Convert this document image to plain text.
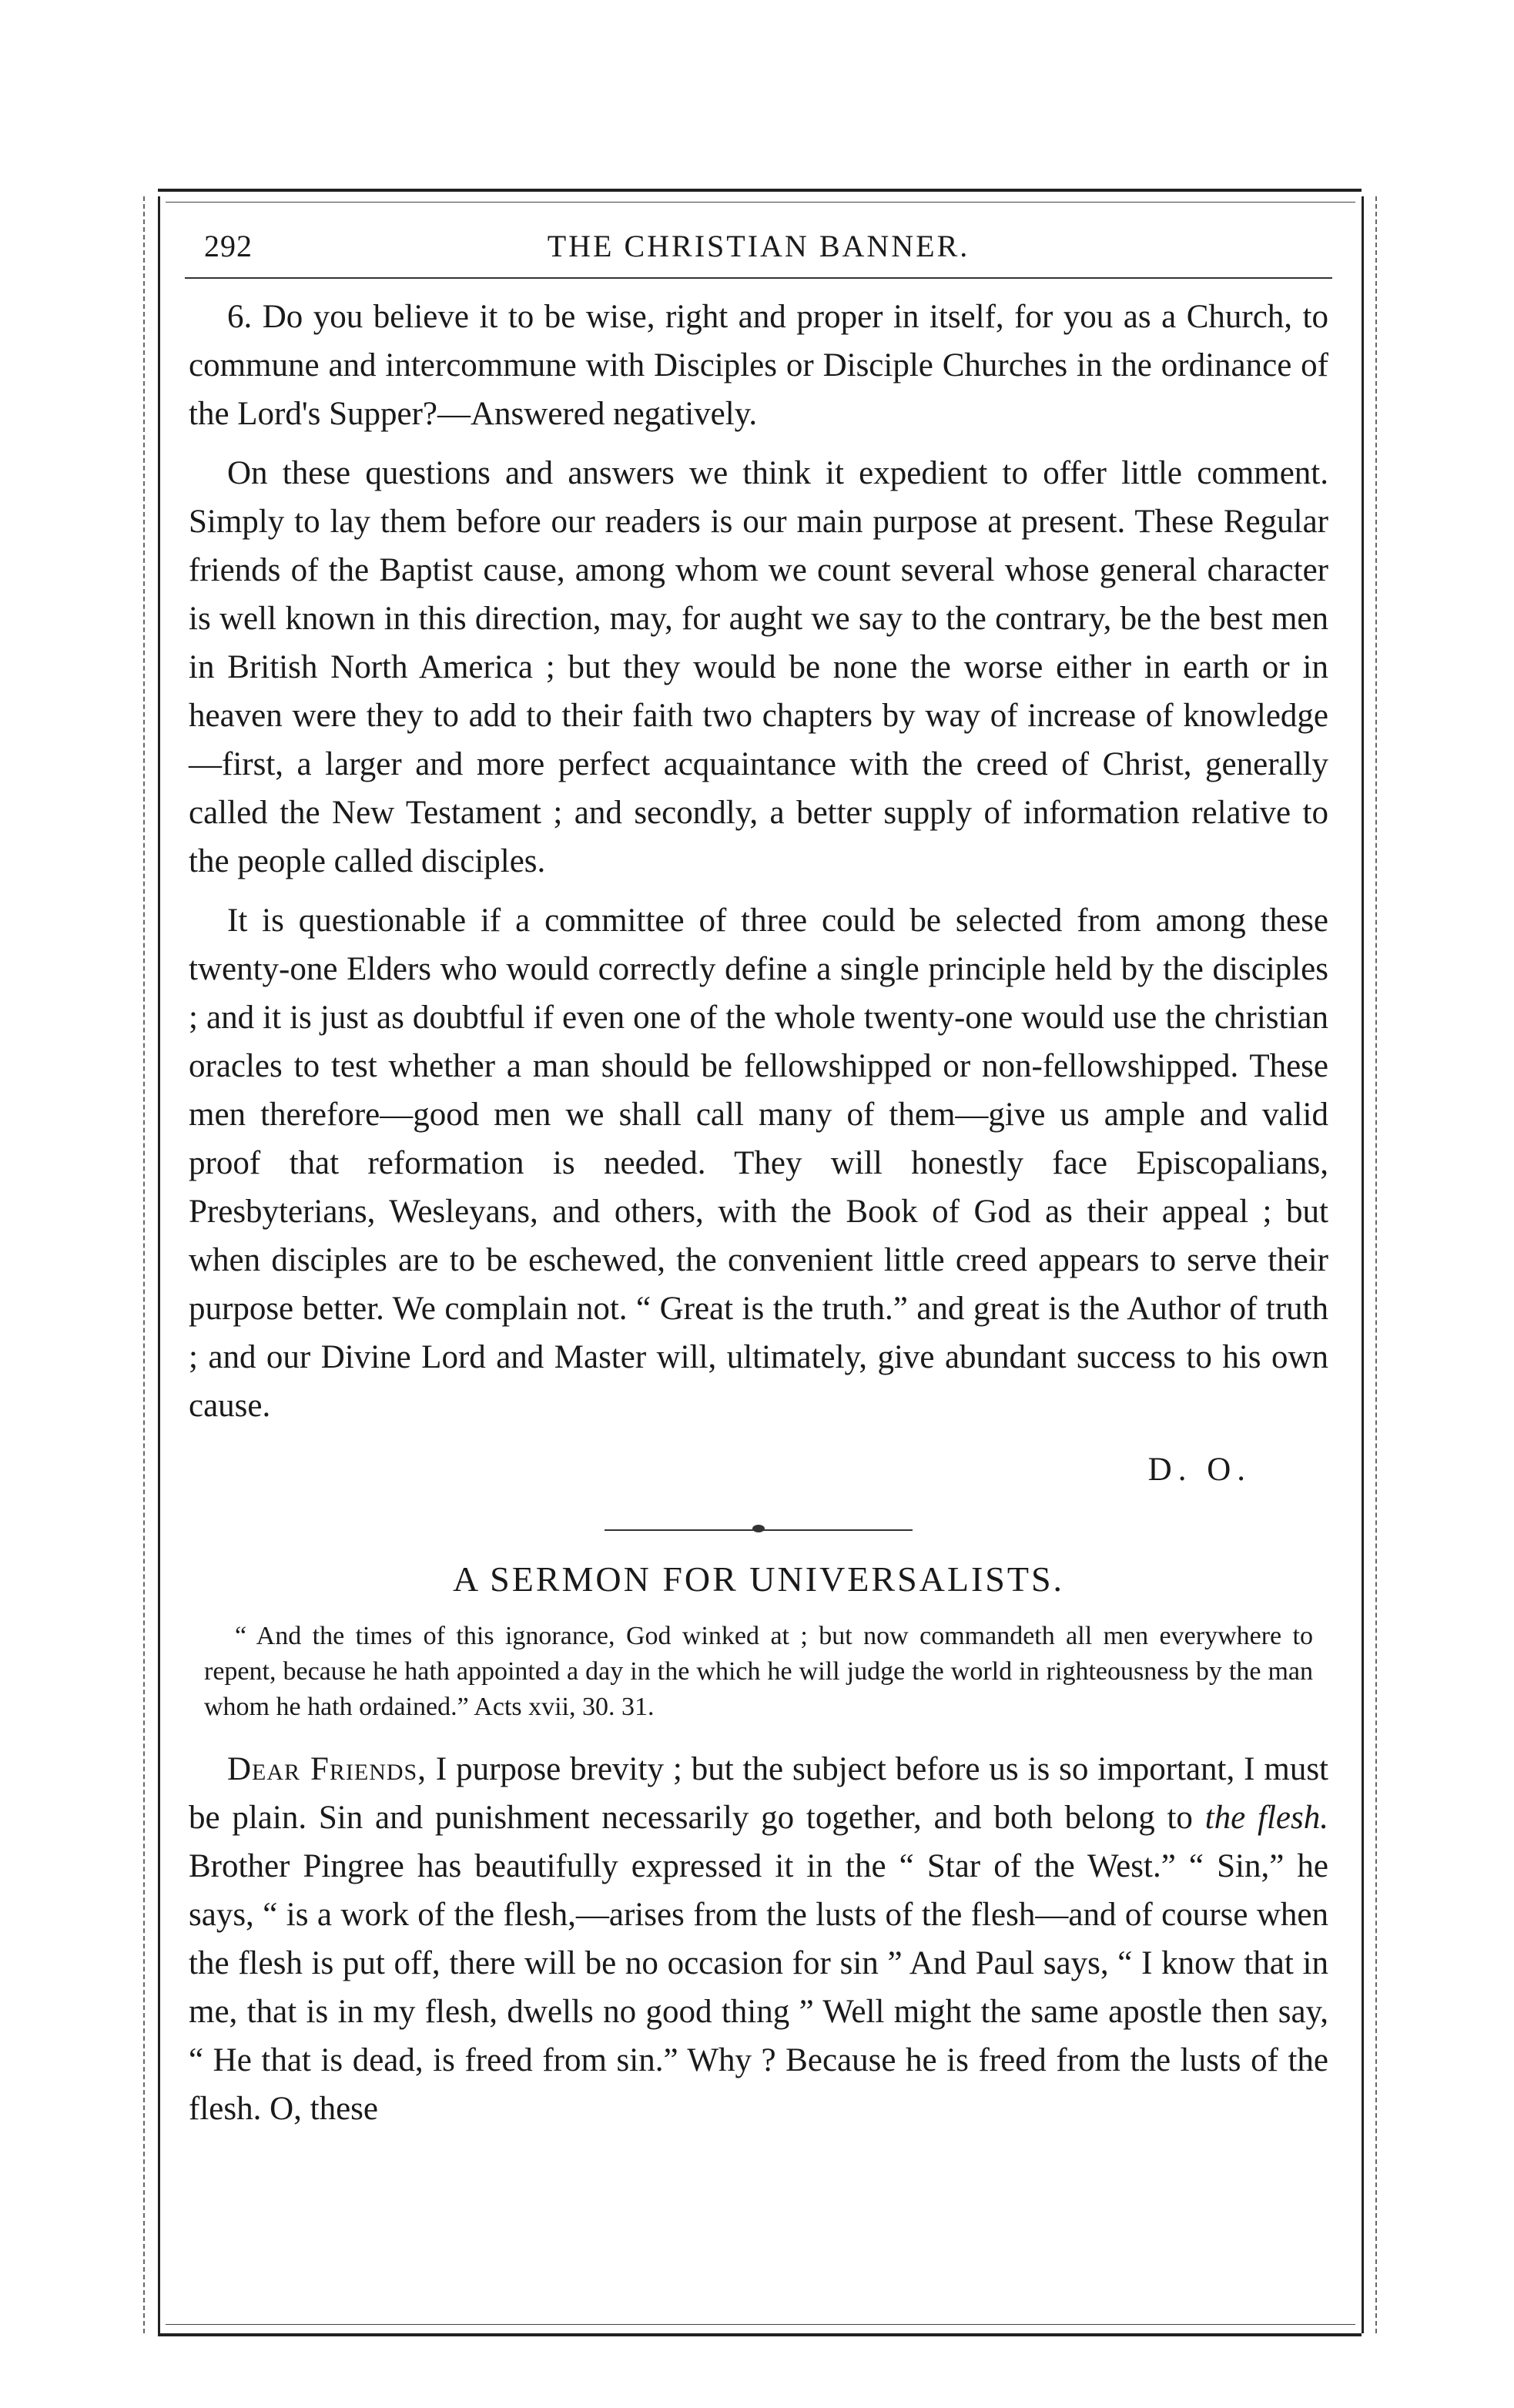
292	THE CHRISTIAN BANNER.

6. Do you believe it to be wise, right and proper in itself, for you as a Church, to commune and intercommune with Disciples or Disciple Churches in the ordinance of the Lord's Supper?—Answered negatively.

On these questions and answers we think it expedient to offer little comment. Simply to lay them before our readers is our main purpose at present. These Regular friends of the Baptist cause, among whom we count several whose general character is well known in this direction, may, for aught we say to the contrary, be the best men in British North America ; but they would be none the worse either in earth or in heaven were they to add to their faith two chapters by way of increase of knowledge—first, a larger and more perfect acquaintance with the creed of Christ, generally called the New Testament ; and secondly, a better supply of information relative to the people called disciples.

It is questionable if a committee of three could be selected from among these twenty-one Elders who would correctly define a single principle held by the disciples ; and it is just as doubtful if even one of the whole twenty-one would use the christian oracles to test whether a man should be fellowshipped or non-fellowshipped. These men therefore—good men we shall call many of them—give us ample and valid proof that reformation is needed. They will honestly face Episcopalians, Presbyterians, Wesleyans, and others, with the Book of God as their appeal ; but when disciples are to be eschewed, the convenient little creed appears to serve their purpose better. We complain not. “ Great is the truth.” and great is the Author of truth ; and our Divine Lord and Master will, ultimately, give abundant success to his own cause.

D. O.
A SERMON FOR UNIVERSALISTS.
“ And the times of this ignorance, God winked at ; but now commandeth all men everywhere to repent, because he hath appointed a day in the which he will judge the world in righteousness by the man whom he hath ordained.” Acts xvii, 30. 31.

Dear Friends, I purpose brevity ; but the subject before us is so important, I must be plain. Sin and punishment necessarily go together, and both belong to the flesh. Brother Pingree has beautifully expressed it in the “ Star of the West.” “ Sin,” he says, “ is a work of the flesh,—arises from the lusts of the flesh—and of course when the flesh is put off, there will be no occasion for sin ” And Paul says, “ I know that in me, that is in my flesh, dwells no good thing ” Well might the same apostle then say, “ He that is dead, is freed from sin.” Why ? Because he is freed from the lusts of the flesh. O, these
